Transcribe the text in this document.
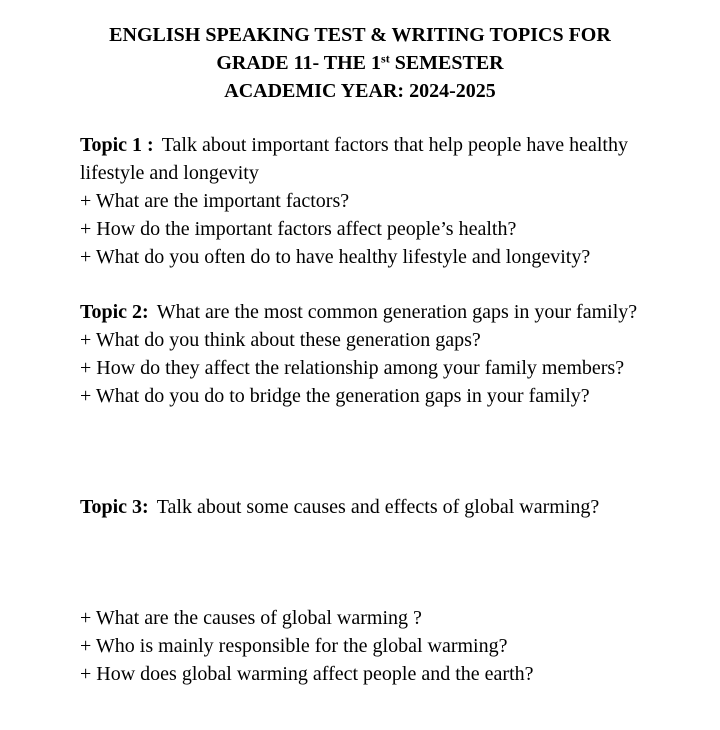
ENGLISH SPEAKING TEST & WRITING TOPICS FOR
GRADE 11- THE 1st SEMESTER
ACADEMIC YEAR: 2024-2025
Topic 1 : Talk about important factors that help people have healthy lifestyle and longevity
+ What are the important factors?
+ How do the important factors affect people’s health?
+ What do you often do to have healthy lifestyle and longevity?
Topic 2: What are the most common generation gaps in your family?
+ What do you think about these generation gaps?
+ How do they affect the relationship among your family members?
+ What do you do to bridge the generation gaps in your family?
Topic 3: Talk about some causes and effects of global warming?
+ What are the causes of global warming ?
+ Who is mainly responsible for the global warming?
+ How does global warming affect people and the earth?
